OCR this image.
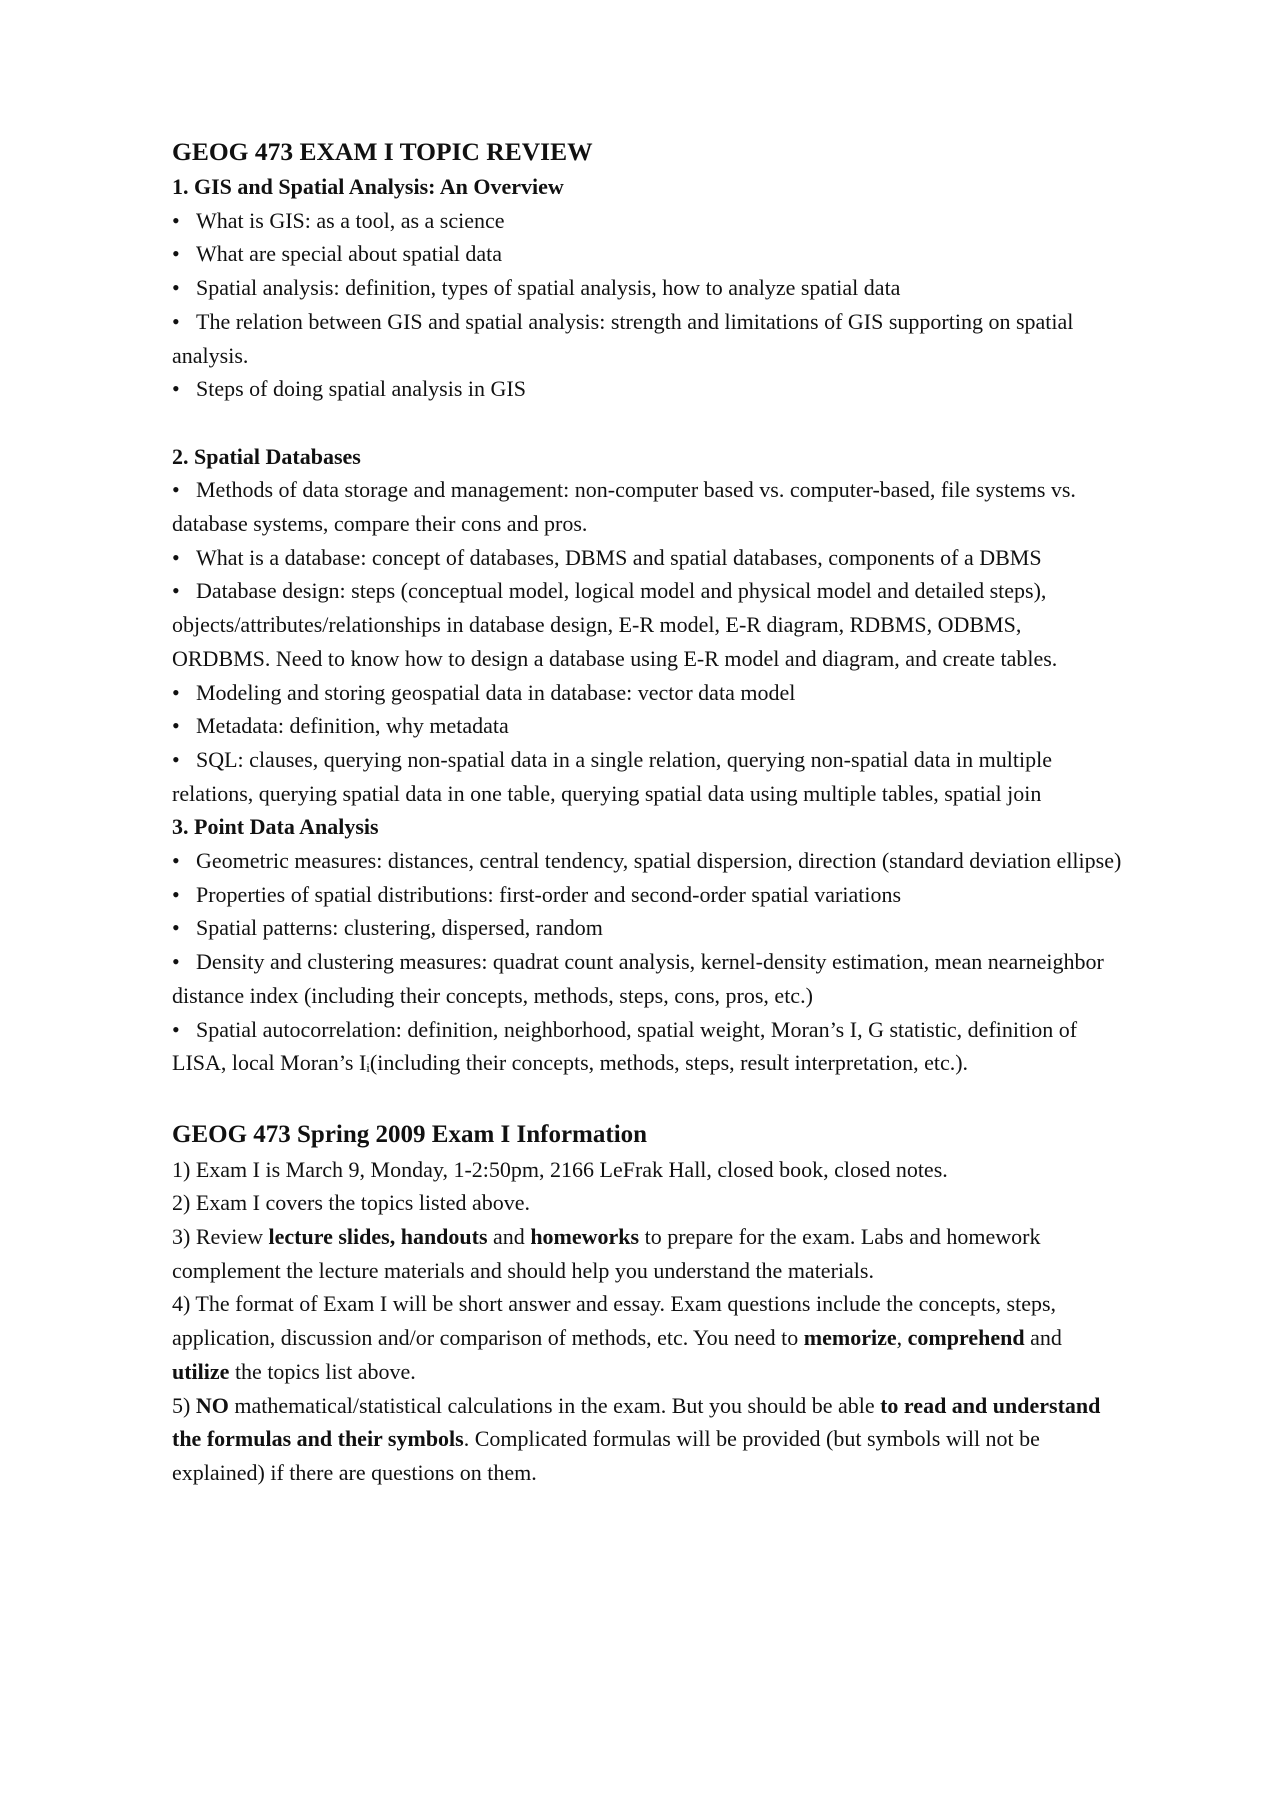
GEOG 473 EXAM I TOPIC REVIEW
1. GIS and Spatial Analysis: An Overview
• What is GIS: as a tool, as a science
• What are special about spatial data
• Spatial analysis: definition, types of spatial analysis, how to analyze spatial data
• The relation between GIS and spatial analysis: strength and limitations of GIS supporting on spatial analysis.
• Steps of doing spatial analysis in GIS
2. Spatial Databases
• Methods of data storage and management: non-computer based vs. computer-based, file systems vs. database systems, compare their cons and pros.
• What is a database: concept of databases, DBMS and spatial databases, components of a DBMS
• Database design: steps (conceptual model, logical model and physical model and detailed steps), objects/attributes/relationships in database design, E-R model, E-R diagram, RDBMS, ODBMS, ORDBMS. Need to know how to design a database using E-R model and diagram, and create tables.
• Modeling and storing geospatial data in database: vector data model
• Metadata: definition, why metadata
• SQL: clauses, querying non-spatial data in a single relation, querying non-spatial data in multiple
relations, querying spatial data in one table, querying spatial data using multiple tables, spatial join
3. Point Data Analysis
• Geometric measures: distances, central tendency, spatial dispersion, direction (standard deviation ellipse)
• Properties of spatial distributions: first-order and second-order spatial variations
• Spatial patterns: clustering, dispersed, random
• Density and clustering measures: quadrat count analysis, kernel-density estimation, mean nearneighbor distance index (including their concepts, methods, steps, cons, pros, etc.)
• Spatial autocorrelation: definition, neighborhood, spatial weight, Moran’s I, G statistic, definition of LISA, local Moran’s $I_i(including$ their concepts, methods, steps, result interpretation, etc.).
GEOG 473 Spring 2009 Exam I Information
1) Exam I is March 9, Monday, 1-2:50pm, 2166 LeFrak Hall, closed book, closed notes.
2) Exam I covers the topics listed above.
3) Review lecture slides, handouts and homeworks to prepare for the exam. Labs and homework complement the lecture materials and should help you understand the materials.
4) The format of Exam I will be short answer and essay. Exam questions include the concepts, steps, application, discussion and/or comparison of methods, etc. You need to memorize, comprehend and utilize the topics list above.
5) NO mathematical/statistical calculations in the exam. But you should be able to read and understand the formulas and their symbols. Complicated formulas will be provided (but symbols will not be explained) if there are questions on them.
